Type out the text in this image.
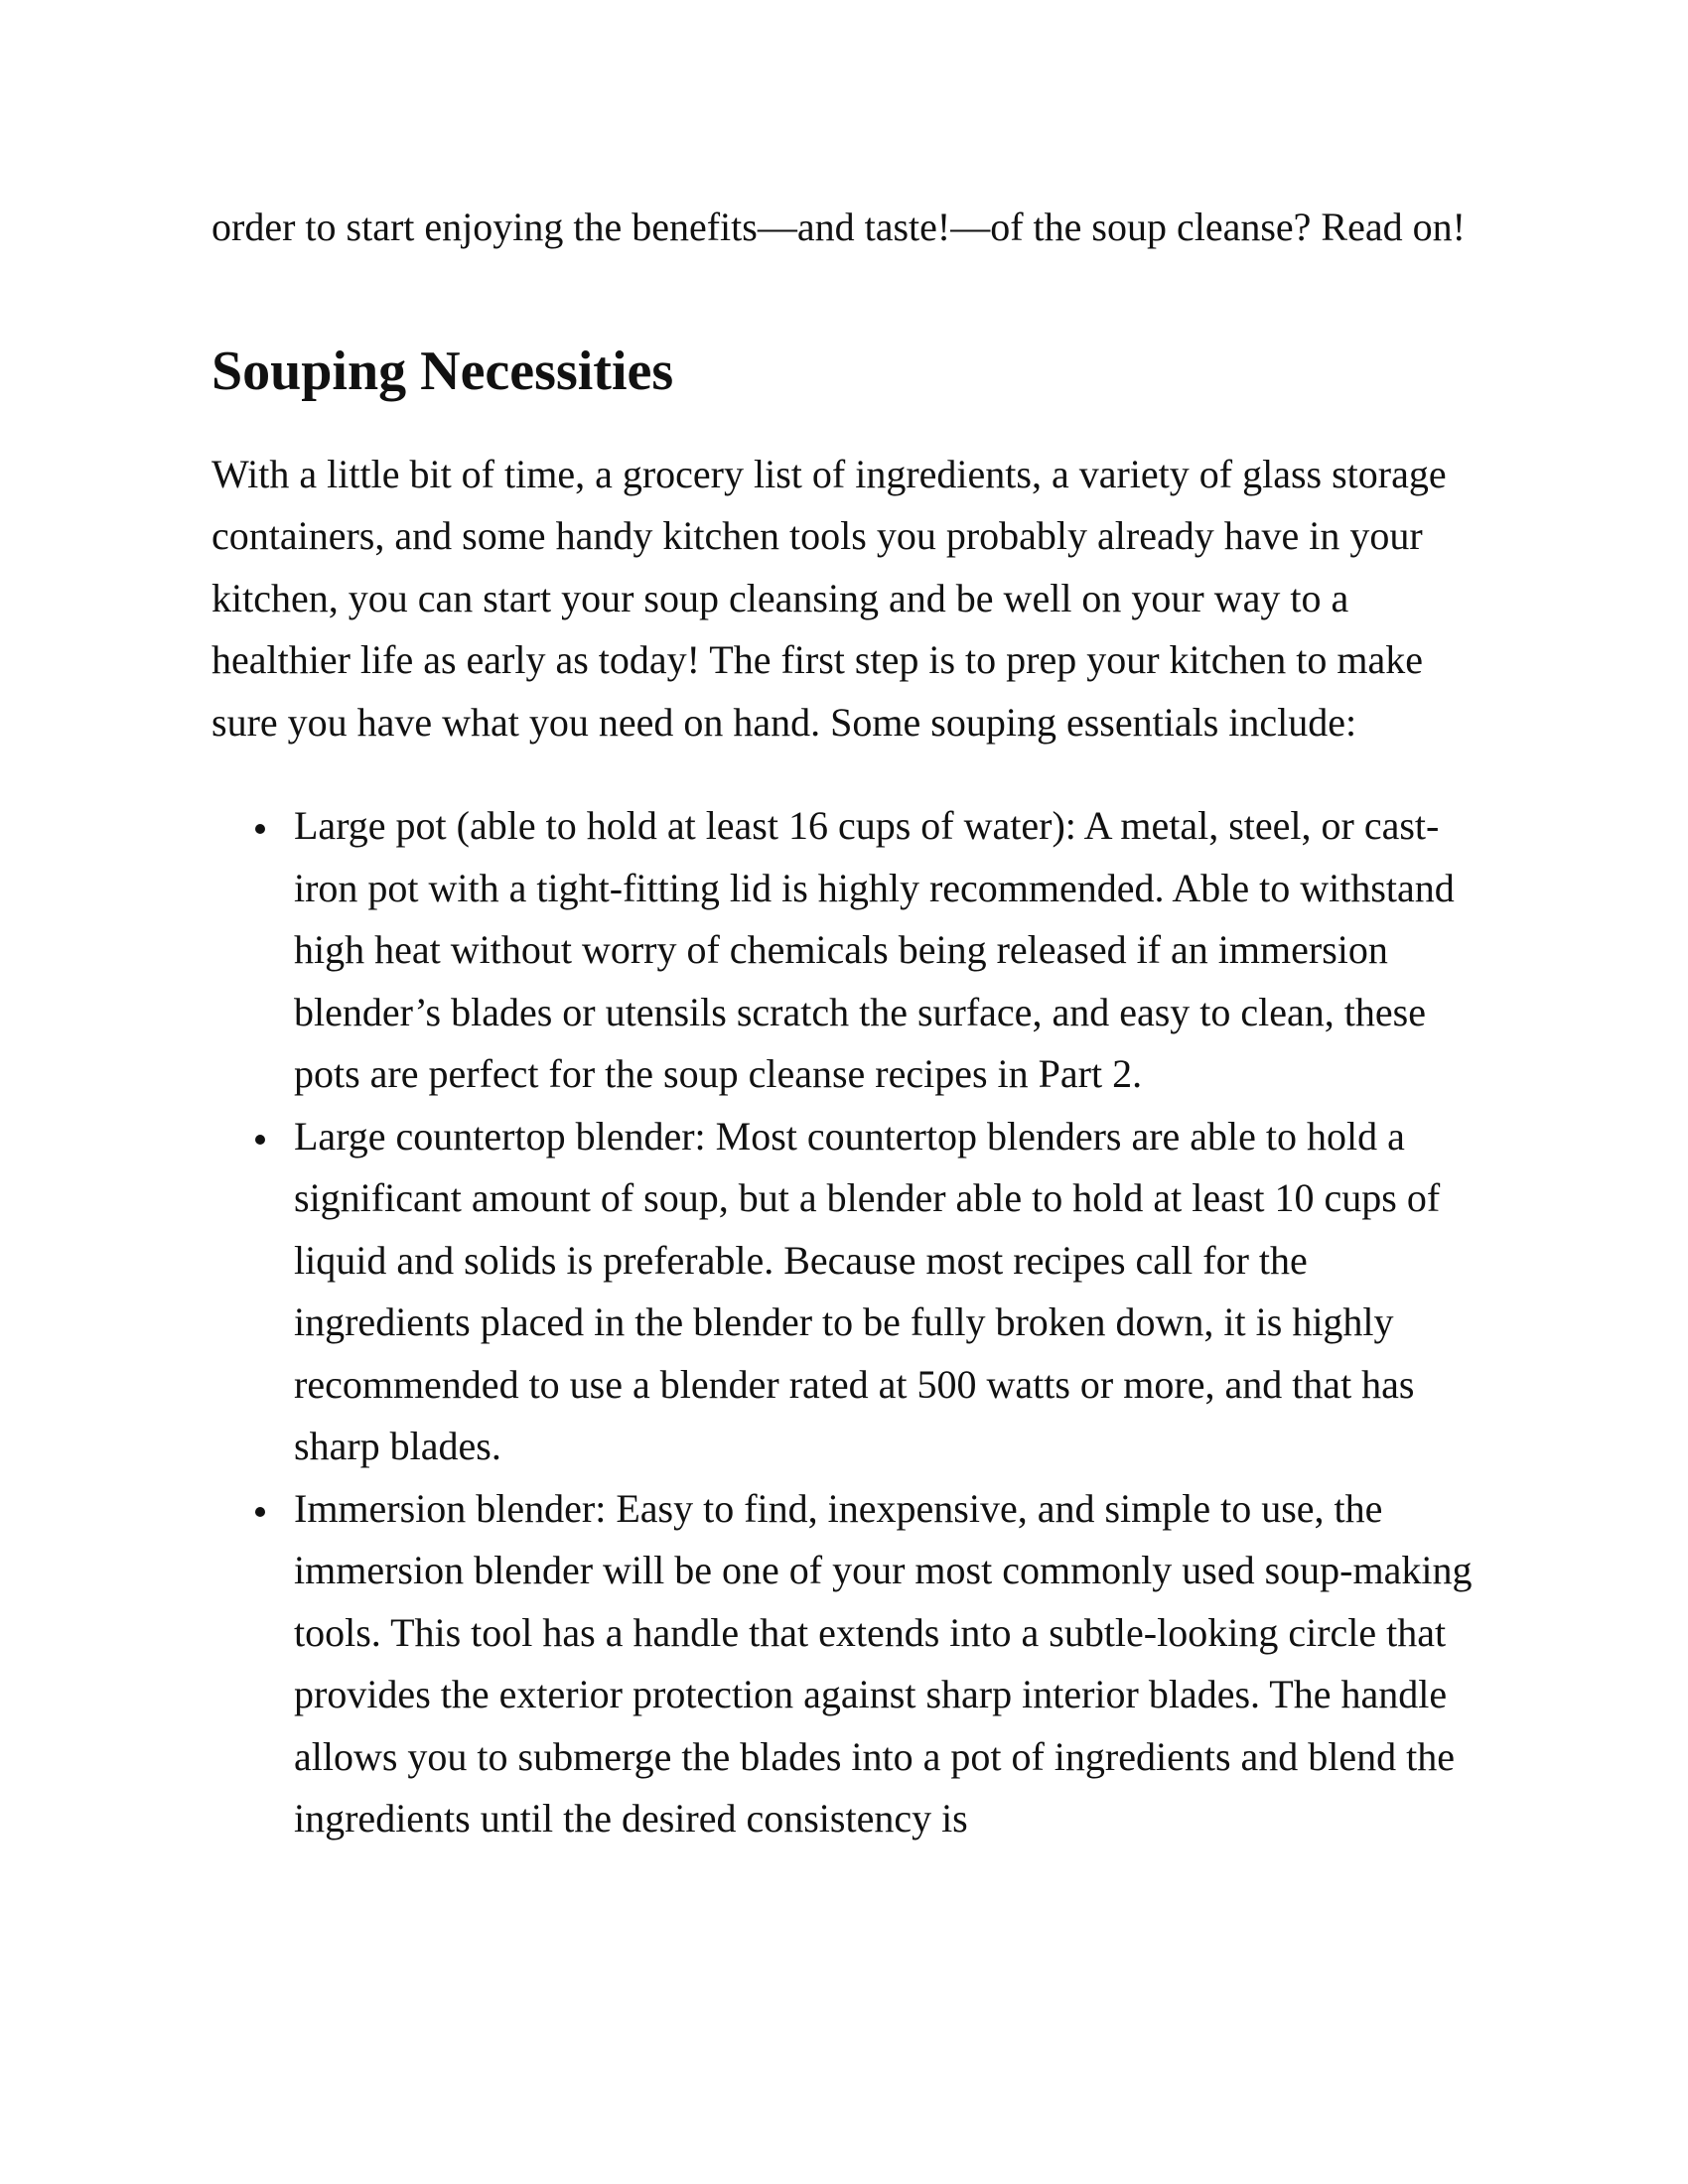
order to start enjoying the benefits—and taste!—of the soup cleanse? Read on!

Souping Necessities

With a little bit of time, a grocery list of ingredients, a variety of glass storage containers, and some handy kitchen tools you probably already have in your kitchen, you can start your soup cleansing and be well on your way to a healthier life as early as today! The first step is to prep your kitchen to make sure you have what you need on hand. Some souping essentials include:

Large pot (able to hold at least 16 cups of water): A metal, steel, or cast-iron pot with a tight-fitting lid is highly recommended. Able to withstand high heat without worry of chemicals being released if an immersion blender’s blades or utensils scratch the surface, and easy to clean, these pots are perfect for the soup cleanse recipes in Part 2.
Large countertop blender: Most countertop blenders are able to hold a significant amount of soup, but a blender able to hold at least 10 cups of liquid and solids is preferable. Because most recipes call for the ingredients placed in the blender to be fully broken down, it is highly recommended to use a blender rated at 500 watts or more, and that has sharp blades.
Immersion blender: Easy to find, inexpensive, and simple to use, the immersion blender will be one of your most commonly used soup-making tools. This tool has a handle that extends into a subtle-looking circle that provides the exterior protection against sharp interior blades. The handle allows you to submerge the blades into a pot of ingredients and blend the ingredients until the desired consistency is
